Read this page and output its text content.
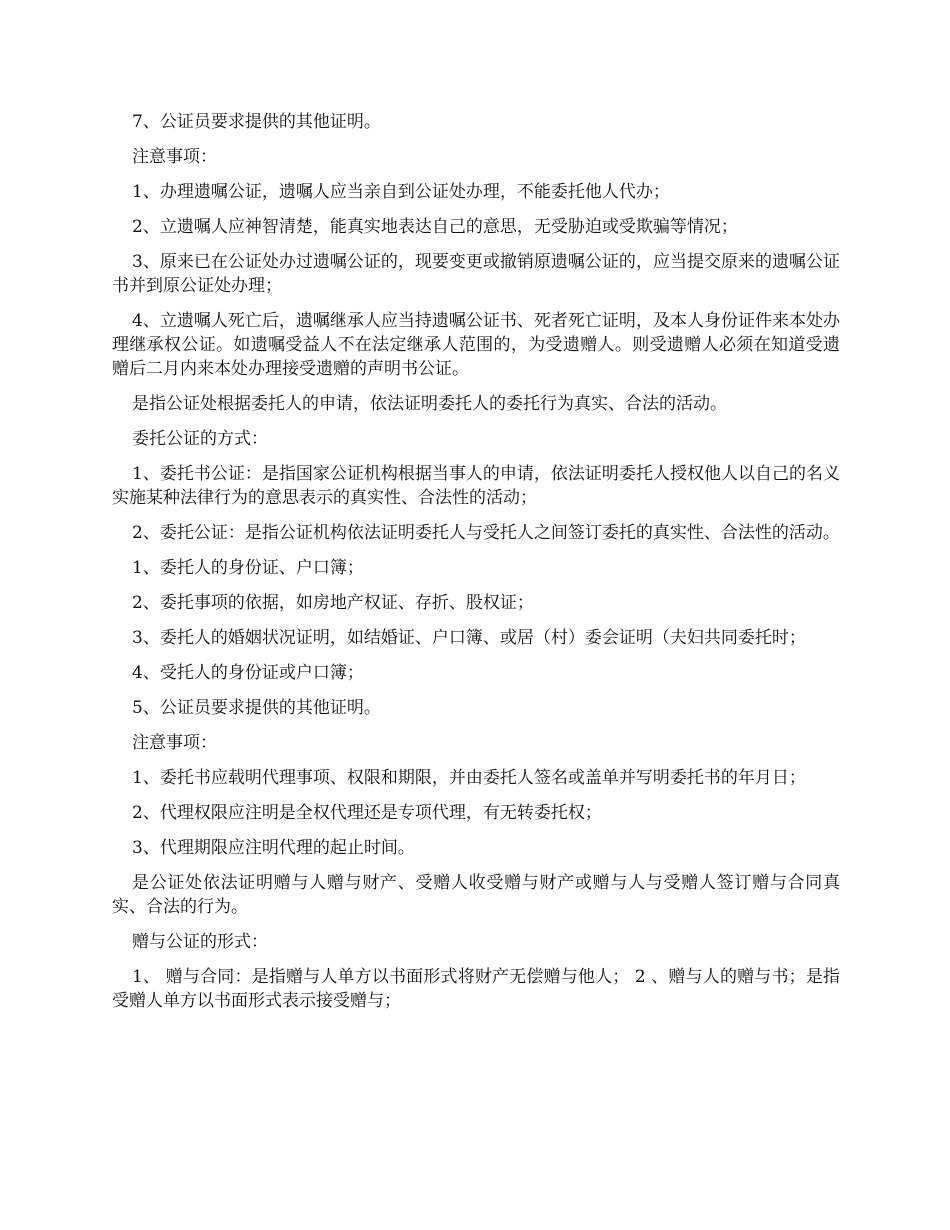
7、公证员要求提供的其他证明。

注意事项：

1、办理遗嘱公证，遗嘱人应当亲自到公证处办理，不能委托他人代办；

2、立遗嘱人应神智清楚，能真实地表达自己的意思，无受胁迫或受欺骗等情况；

3、原来已在公证处办过遗嘱公证的，现要变更或撤销原遗嘱公证的，应当提交原来的遗嘱公证书并到原公证处办理；

4、立遗嘱人死亡后，遗嘱继承人应当持遗嘱公证书、死者死亡证明，及本人身份证件来本处办理继承权公证。如遗嘱受益人不在法定继承人范围的，为受遗赠人。则受遗赠人必须在知道受遗赠后二月内来本处办理接受遗赠的声明书公证。

是指公证处根据委托人的申请，依法证明委托人的委托行为真实、合法的活动。

委托公证的方式：

1、委托书公证：是指国家公证机构根据当事人的申请，依法证明委托人授权他人以自己的名义实施某种法律行为的意思表示的真实性、合法性的活动；

2、委托公证：是指公证机构依法证明委托人与受托人之间签订委托的真实性、合法性的活动。

1、委托人的身份证、户口簿；

2、委托事项的依据，如房地产权证、存折、股权证；

3、委托人的婚姻状况证明，如结婚证、户口簿、或居（村）委会证明（夫妇共同委托时；

4、受托人的身份证或户口簿；

5、公证员要求提供的其他证明。

注意事项：

1、委托书应载明代理事项、权限和期限，并由委托人签名或盖单并写明委托书的年月日；

2、代理权限应注明是全权代理还是专项代理，有无转委托权；

3、代理期限应注明代理的起止时间。

是公证处依法证明赠与人赠与财产、受赠人收受赠与财产或赠与人与受赠人签订赠与合同真实、合法的行为。

赠与公证的形式：

1、 赠与合同：是指赠与人单方以书面形式将财产无偿赠与他人； 2 、赠与人的赠与书；是指受赠人单方以书面形式表示接受赠与；
